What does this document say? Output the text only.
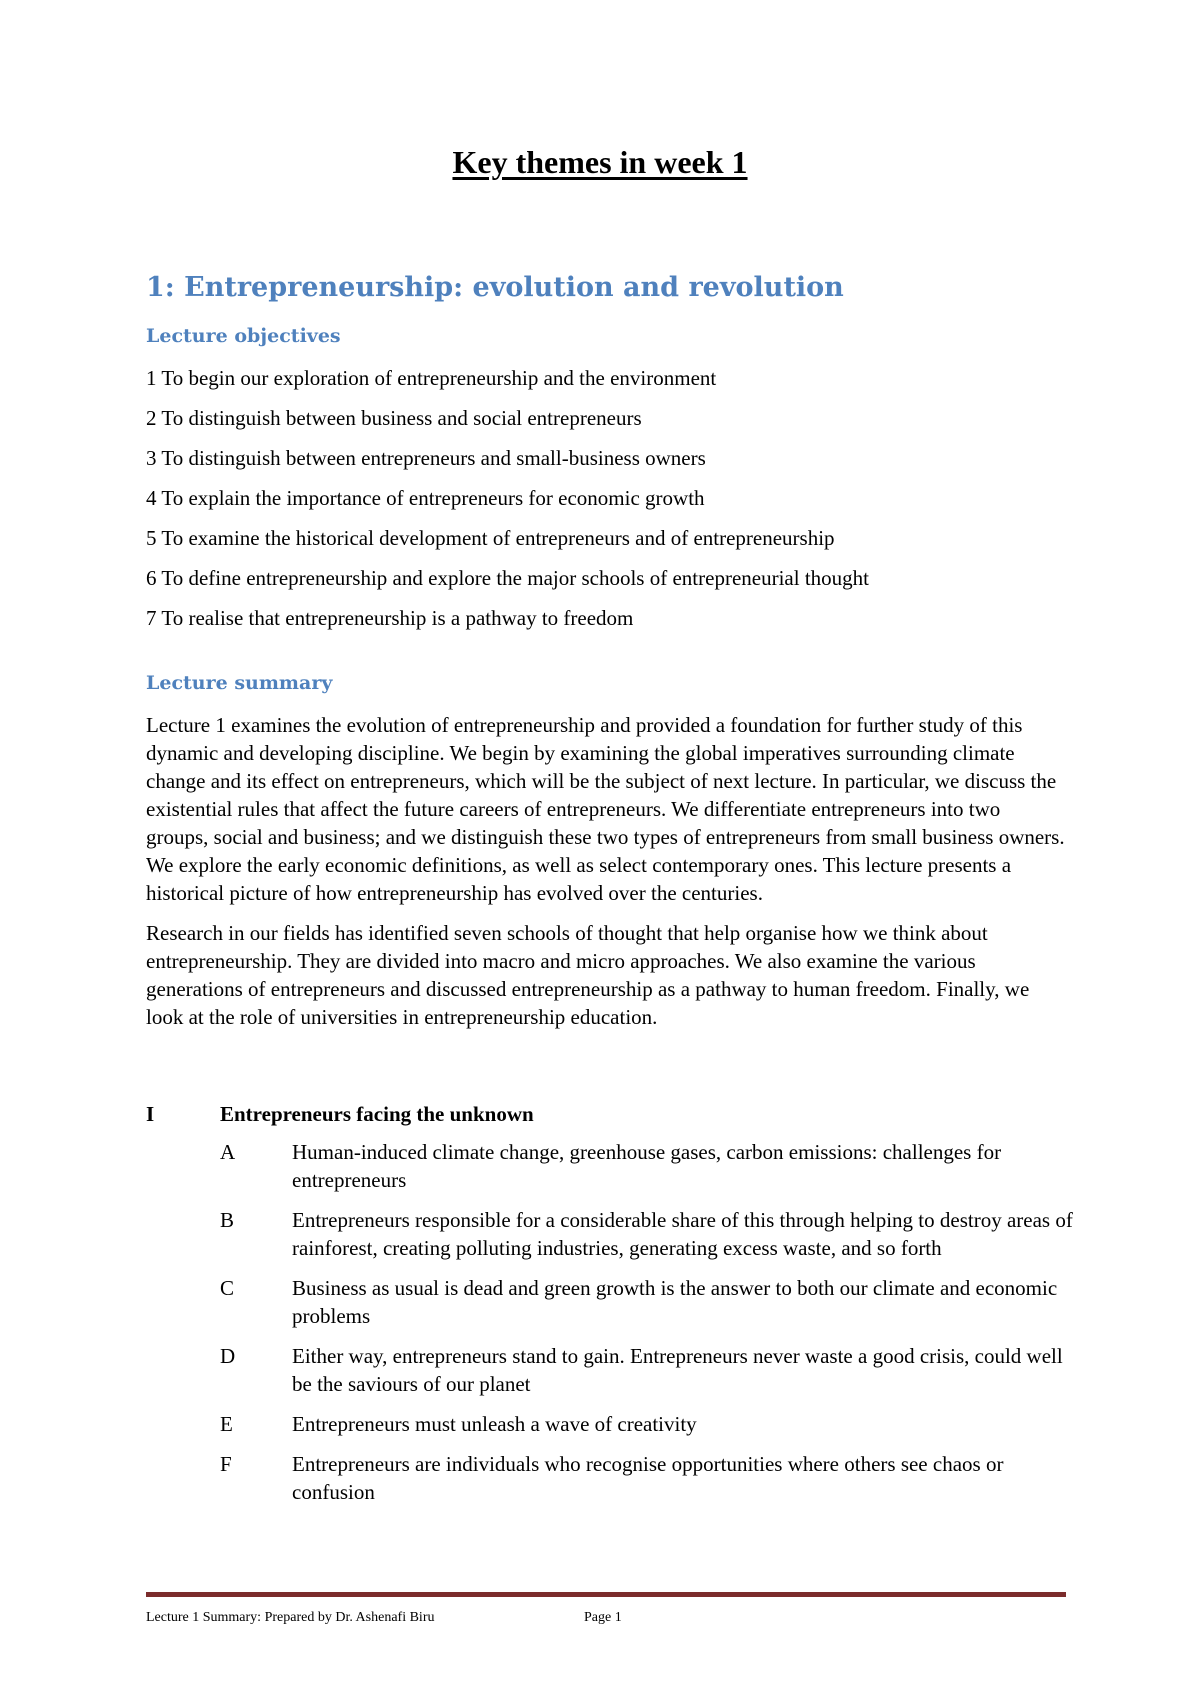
Key themes in week 1
1: Entrepreneurship: evolution and revolution
Lecture objectives
1 To begin our exploration of entrepreneurship and the environment
2 To distinguish between business and social entrepreneurs
3 To distinguish between entrepreneurs and small-business owners
4 To explain the importance of entrepreneurs for economic growth
5 To examine the historical development of entrepreneurs and of entrepreneurship
6 To define entrepreneurship and explore the major schools of entrepreneurial thought
7 To realise that entrepreneurship is a pathway to freedom
Lecture summary

Lecture 1 examines the evolution of entrepreneurship and provided a foundation for further study of this dynamic and developing discipline. We begin by examining the global imperatives surrounding climate change and its effect on entrepreneurs, which will be the subject of next lecture. In particular, we discuss the existential rules that affect the future careers of entrepreneurs. We differentiate entrepreneurs into two groups, social and business; and we distinguish these two types of entrepreneurs from small business owners. We explore the early economic definitions, as well as select contemporary ones. This lecture presents a historical picture of how entrepreneurship has evolved over the centuries.

Research in our fields has identified seven schools of thought that help organise how we think about entrepreneurship. They are divided into macro and micro approaches. We also examine the various generations of entrepreneurs and discussed entrepreneurship as a pathway to human freedom. Finally, we look at the role of universities in entrepreneurship education.

I	Entrepreneurs facing the unknown
A	Human-induced climate change, greenhouse gases, carbon emissions: challenges for entrepreneurs
B	Entrepreneurs responsible for a considerable share of this through helping to destroy areas of rainforest, creating polluting industries, generating excess waste, and so forth
C	Business as usual is dead and green growth is the answer to both our climate and economic problems
D	Either way, entrepreneurs stand to gain. Entrepreneurs never waste a good crisis, could well be the saviours of our planet
E	Entrepreneurs must unleash a wave of creativity
F	Entrepreneurs are individuals who recognise opportunities where others see chaos or confusion
Lecture 1 Summary: Prepared by Dr. Ashenafi Biru	Page 1
